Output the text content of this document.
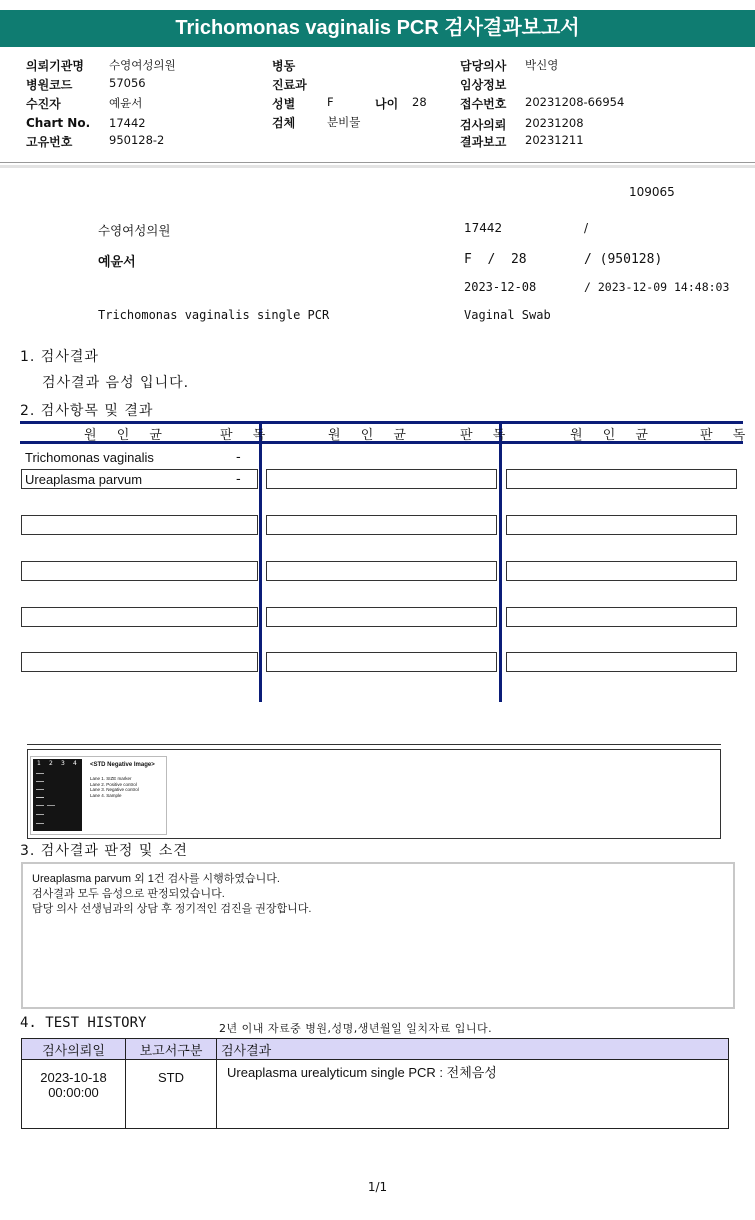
Trichomonas vaginalis PCR 검사결과보고서
의뢰기관명 수영여성의원
병원코드	57056
수진자	예윤서
Chart No. 17442
고유번호	950128-2
병동
진료과
성별	F	나이 28
검체	분비물
담당의사 박신영
임상정보
접수번호 20231208-66954
검사의뢰 20231208
결과보고 20231211
109065
수영여성의원	17442	/
예윤서	F  /  28	/ (950128)
2023-12-08	/ 2023-12-09 14:48:03
Trichomonas vaginalis single PCR	Vaginal Swab
1. 검사결과
검사결과 음성 입니다.
2. 검사항목 및 결과
원 인 균	판 독	원 인 균	판 독	원 인 균	판 독
Trichomonas vaginalis	-
Ureaplasma parvum	-
1 2 3 4 <STD Negative Image>
Lane 1. SIZE marker
Lane 2. Positive control
Lane 3. Negative control
Lane 4. Sample
3. 검사결과 판정 및 소견
Ureaplasma parvum 외 1건 검사를 시행하였습니다.
검사결과 모두 음성으로 판정되었습니다.
담당 의사 선생님과의 상담 후 정기적인 검진을 권장합니다.
4. TEST HISTORY	2년 이내 자료중 병원,성명,생년월일 일치자료 입니다.
검사의뢰일	보고서구분	검사결과

2023-10-18
00:00:00	STD	Ureaplasma urealyticum single PCR : 전체음성
1/1
